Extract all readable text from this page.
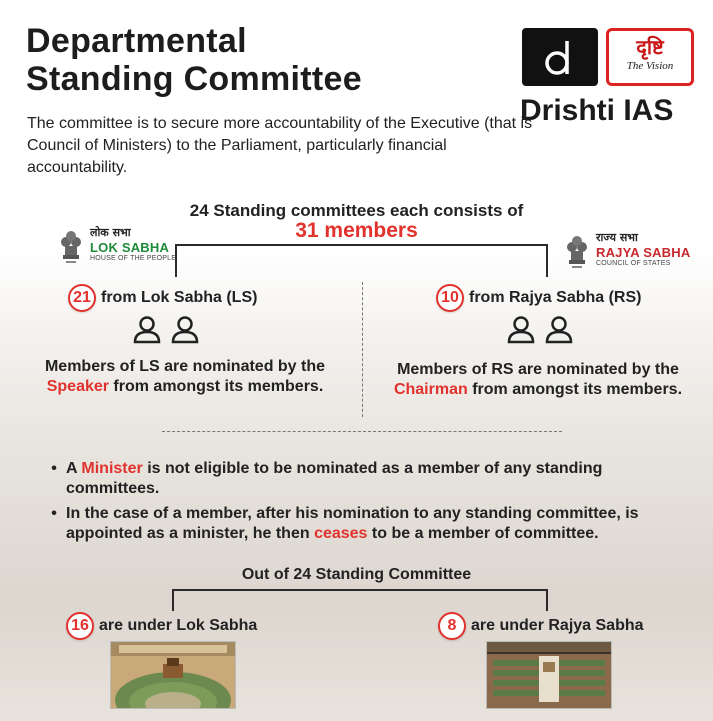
Departmental
Standing Committee
The committee is to secure more accountability of the Executive (that is Council of Ministers) to the Parliament, particularly financial accountability.
दृष्टि
The Vision
Drishti IAS
24 Standing committees each consists of
31 members
लोक सभा
LOK SABHA
HOUSE OF THE PEOPLE
राज्य सभा
RAJYA SABHA
COUNCIL OF STATES
21 from Lok Sabha (LS)
Members of LS are nominated by the Speaker from amongst its members.
10 from Rajya Sabha (RS)
Members of RS are nominated by the Chairman from amongst its members.
• A Minister is not eligible to be nominated as a member of any standing committees.
• In the case of a member, after his nomination to any standing committee, is appointed as a minister, he then ceases to be a member of committee.
Out of 24 Standing Committee
16 are under Lok Sabha	8 are under Rajya Sabha
